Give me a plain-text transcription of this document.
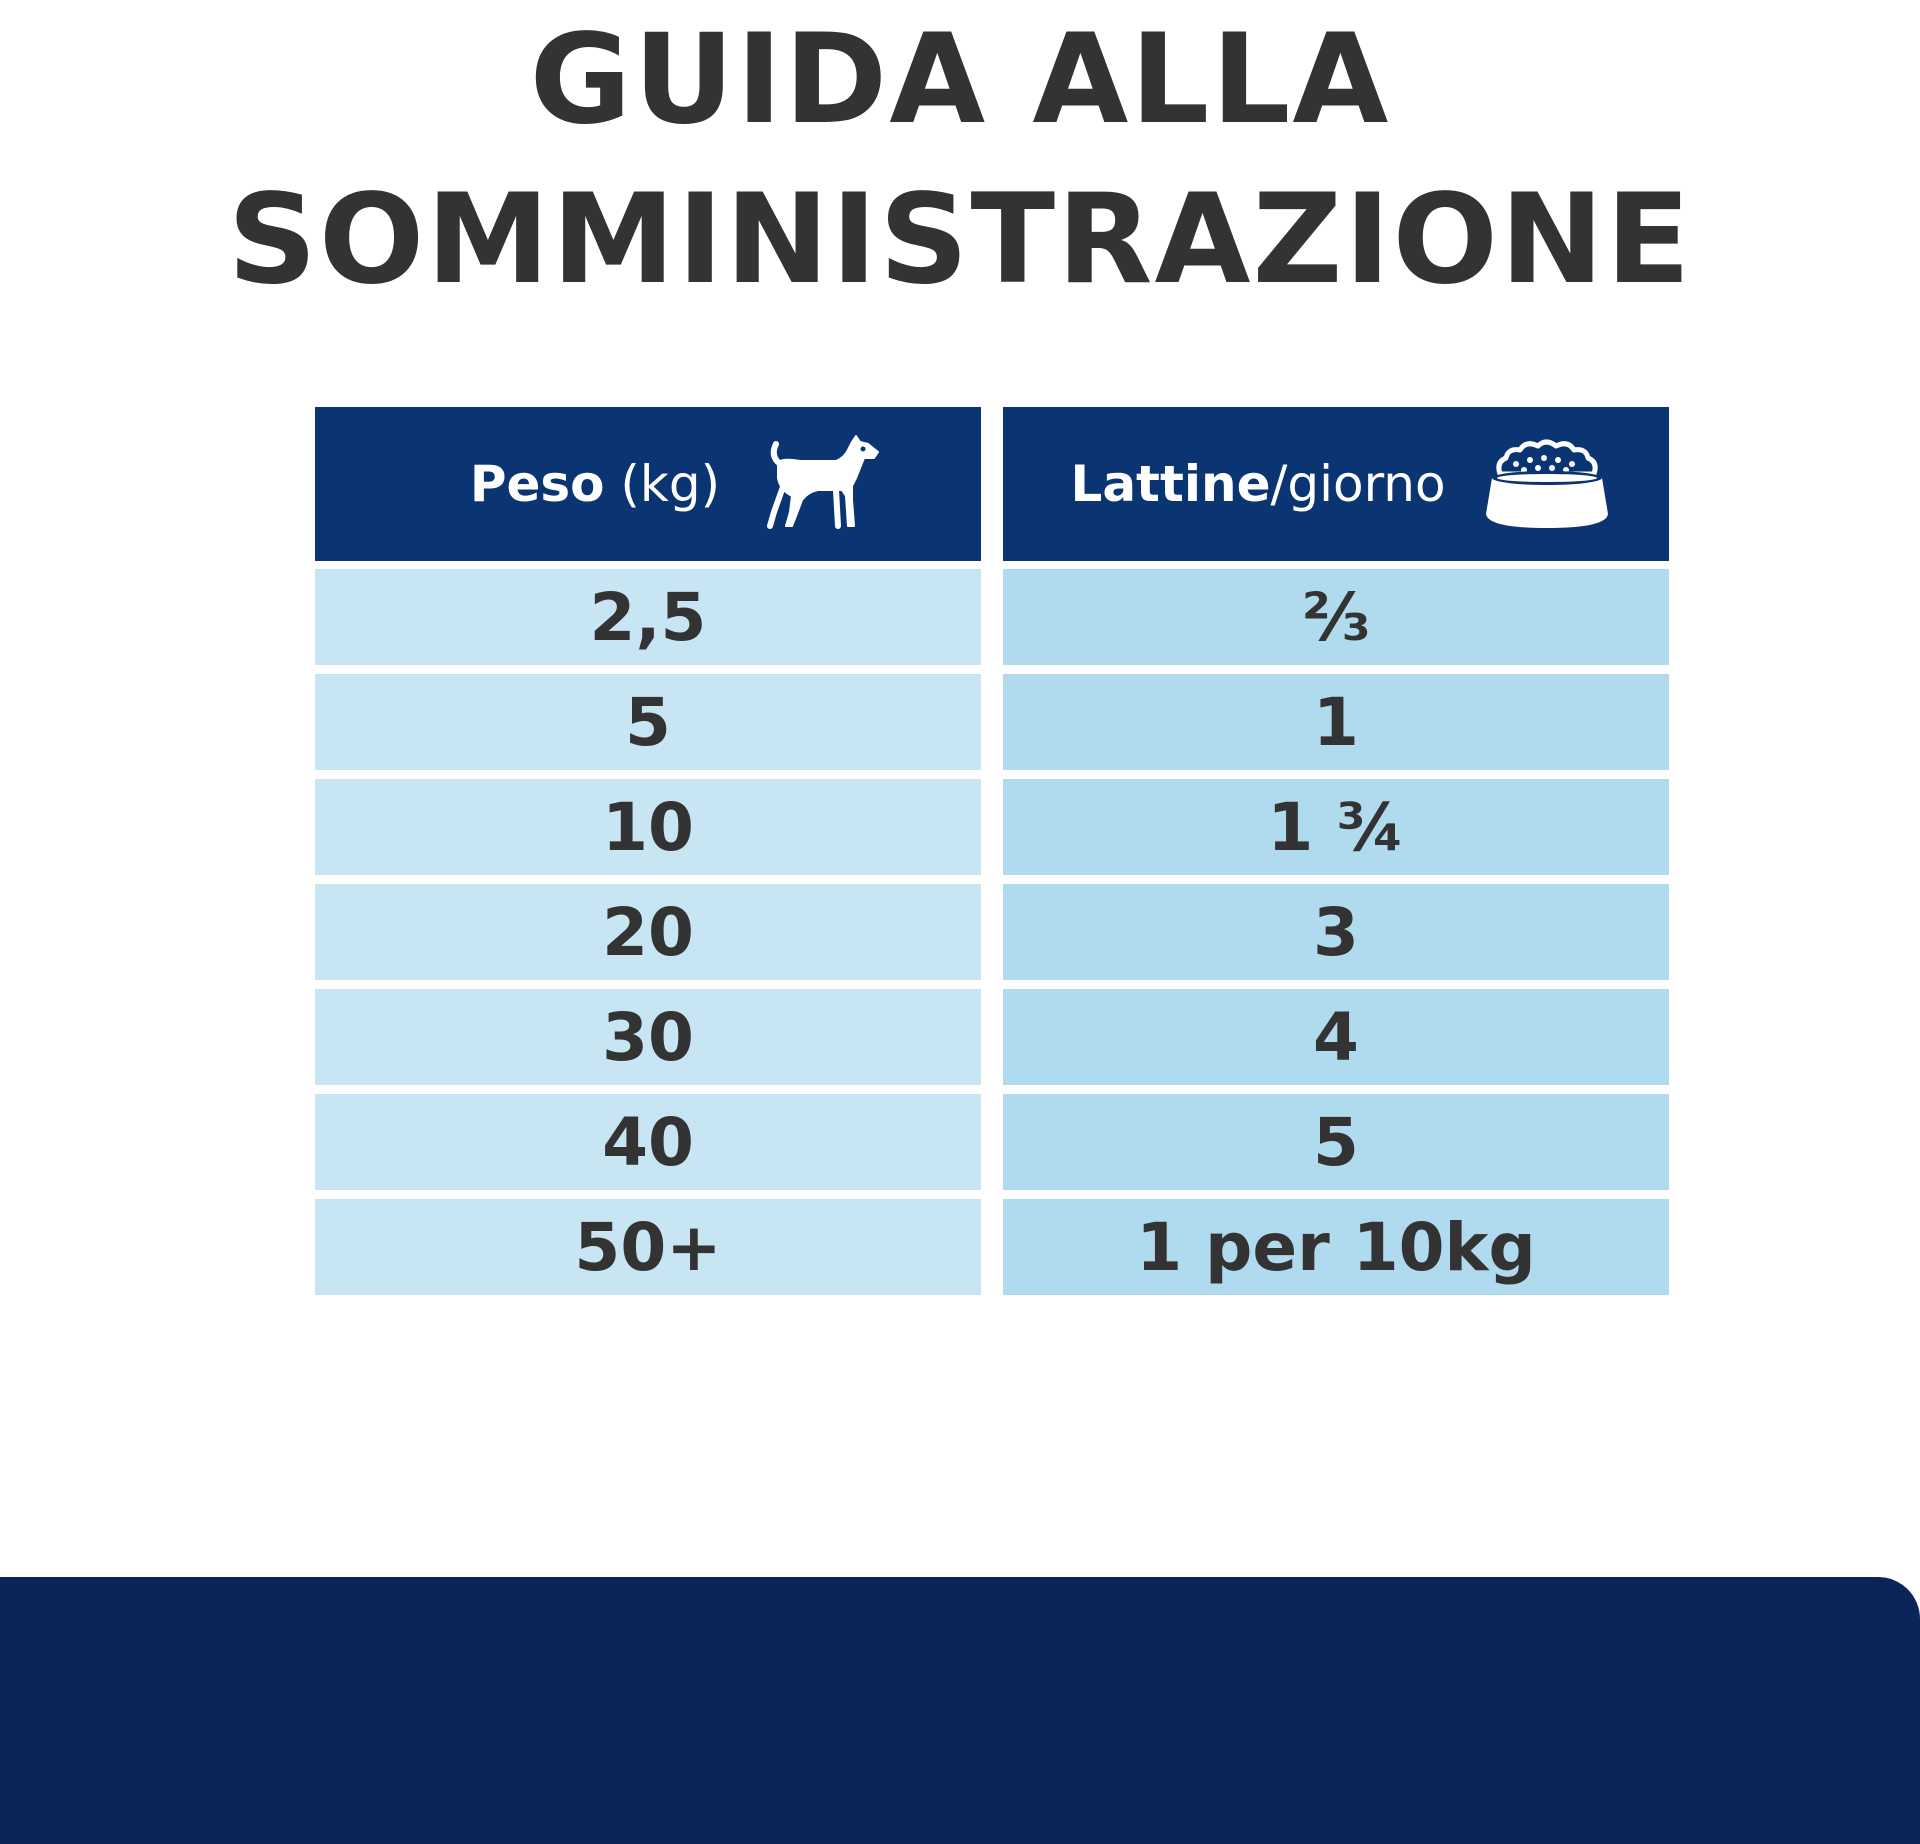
GUIDA ALLA
SOMMINISTRAZIONE
Peso (kg)	Lattine /giorno
2,5	⅔
5	1
10	1 ¾
20	3
30	4
40	5
50+	1 per 10kg
